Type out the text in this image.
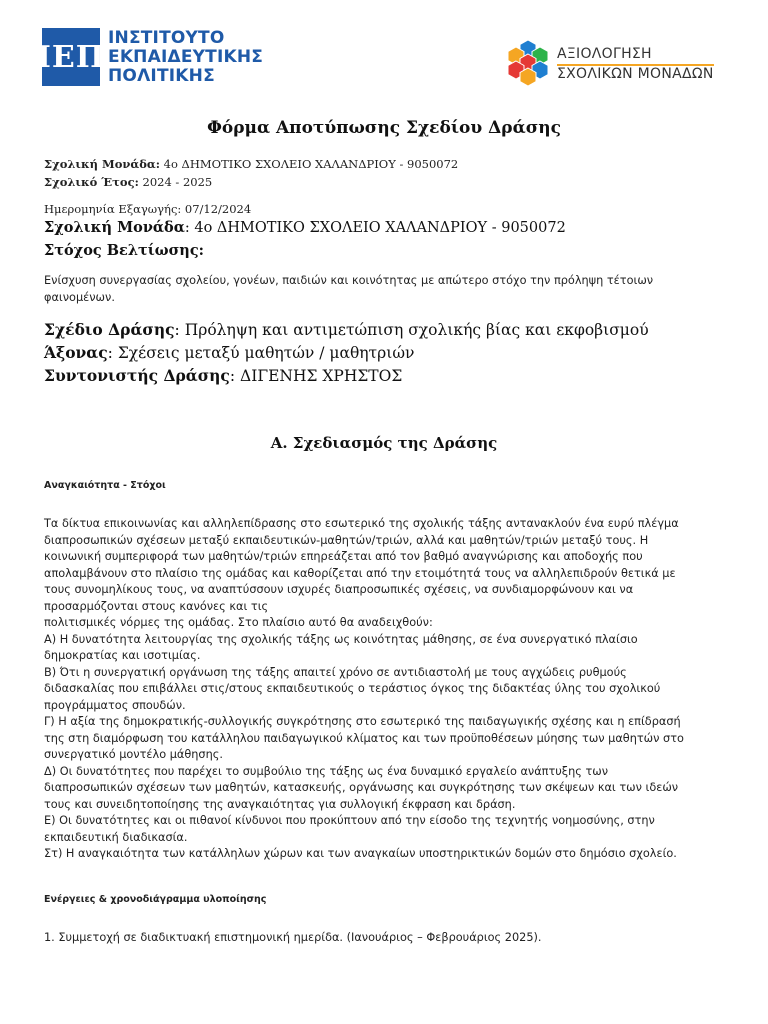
ΙΕΠ
ΙΝΣΤΙΤΟΥΤΟ
ΕΚΠΑΙΔΕΥΤΙΚΗΣ
ΠΟΛΙΤΙΚΗΣ
ΑΞΙΟΛΟΓΗΣΗ
ΣΧΟΛΙΚΩΝ ΜΟΝΑΔΩΝ
Φόρμα Αποτύπωσης Σχεδίου Δράσης
Σχολική Μονάδα: 4ο ΔΗΜΟΤΙΚΟ ΣΧΟΛΕΙΟ ΧΑΛΑΝΔΡΙΟΥ - 9050072
Σχολικό Έτος: 2024 - 2025
Ημερομηνία Εξαγωγής: 07/12/2024
Σχολική Μονάδα: 4ο ΔΗΜΟΤΙΚΟ ΣΧΟΛΕΙΟ ΧΑΛΑΝΔΡΙΟΥ - 9050072
Στόχος Βελτίωσης:
Ενίσχυση συνεργασίας σχολείου, γονέων, παιδιών και κοινότητας με απώτερο στόχο την πρόληψη τέτοιων
φαινομένων.
Σχέδιο Δράσης: Πρόληψη και αντιμετώπιση σχολικής βίας και εκφοβισμού
Άξονας: Σχέσεις μεταξύ μαθητών / μαθητριών
Συντονιστής Δράσης: ΔΙΓΕΝΗΣ ΧΡΗΣΤΟΣ
Α. Σχεδιασμός της Δράσης
Αναγκαιότητα - Στόχοι
Τα δίκτυα επικοινωνίας και αλληλεπίδρασης στο εσωτερικό της σχολικής τάξης αντανακλούν ένα ευρύ πλέγμα
διαπροσωπικών σχέσεων μεταξύ εκπαιδευτικών-μαθητών/τριών, αλλά και μαθητών/τριών μεταξύ τους. Η
κοινωνική συμπεριφορά των μαθητών/τριών επηρεάζεται από τον βαθμό αναγνώρισης και αποδοχής που
απολαμβάνουν στο πλαίσιο της ομάδας και καθορίζεται από την ετοιμότητά τους να αλληλεπιδρούν θετικά με
τους συνομηλίκους τους, να αναπτύσσουν ισχυρές διαπροσωπικές σχέσεις, να συνδιαμορφώνουν και να
προσαρμόζονται στους κανόνες και τις
πολιτισμικές νόρμες της ομάδας. Στο πλαίσιο αυτό θα αναδειχθούν:
Α) Η δυνατότητα λειτουργίας της σχολικής τάξης ως κοινότητας μάθησης, σε ένα συνεργατικό πλαίσιο
δημοκρατίας και ισοτιμίας.
Β) Ότι η συνεργατική οργάνωση της τάξης απαιτεί χρόνο σε αντιδιαστολή με τους αγχώδεις ρυθμούς
διδασκαλίας που επιβάλλει στις/στους εκπαιδευτικούς ο τεράστιος όγκος της διδακτέας ύλης του σχολικού
προγράμματος σπουδών.
Γ) Η αξία της δημοκρατικής-συλλογικής συγκρότησης στο εσωτερικό της παιδαγωγικής σχέσης και η επίδρασή
της στη διαμόρφωση του κατάλληλου παιδαγωγικού κλίματος και των προϋποθέσεων μύησης των μαθητών στο
συνεργατικό μοντέλο μάθησης.
Δ) Οι δυνατότητες που παρέχει το συμβούλιο της τάξης ως ένα δυναμικό εργαλείο ανάπτυξης των
διαπροσωπικών σχέσεων των μαθητών, κατασκευής, οργάνωσης και συγκρότησης των σκέψεων και των ιδεών
τους και συνειδητοποίησης της αναγκαιότητας για συλλογική έκφραση και δράση.
Ε) Οι δυνατότητες και οι πιθανοί κίνδυνοι που προκύπτουν από την είσοδο της τεχνητής νοημοσύνης, στην
εκπαιδευτική διαδικασία.
Στ) Η αναγκαιότητα των κατάλληλων χώρων και των αναγκαίων υποστηρικτικών δομών στο δημόσιο σχολείο.
Ενέργειες & χρονοδιάγραμμα υλοποίησης
1. Συμμετοχή σε διαδικτυακή επιστημονική ημερίδα. (Ιανουάριος – Φεβρουάριος 2025).
